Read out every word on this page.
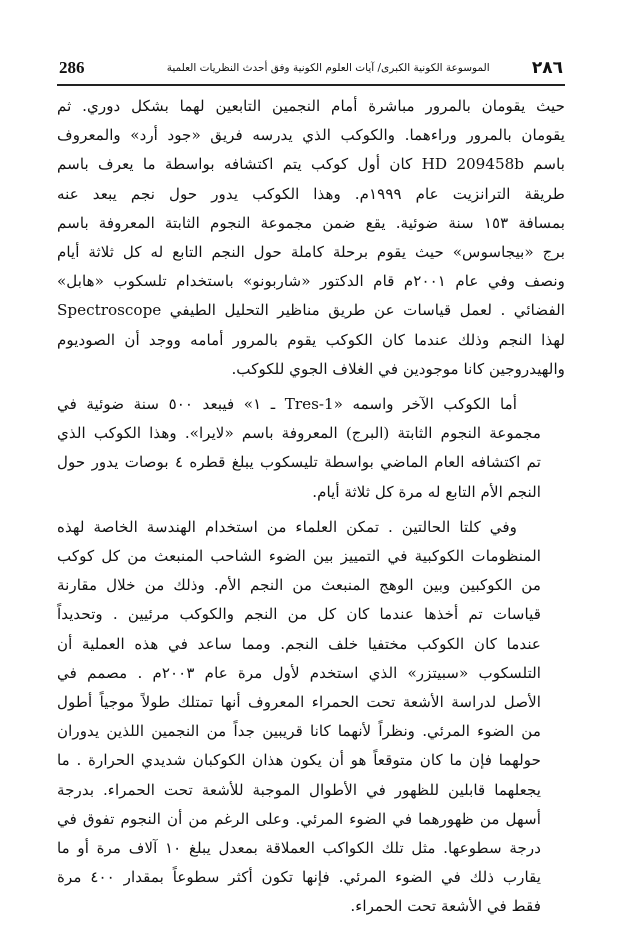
286	الموسوعة الكونية الكبرى/ آيات العلوم الكونية وفق أحدث النظريات العلمية	٢٨٦

حيث يقومان بالمرور مباشرة أمام النجمين التابعين لهما بشكل دوري. ثم
يقومان بالمرور وراءهما. والكوكب الذي يدرسه فريق «جود أرد» والمعروف
باسم HD 209458b كان أول كوكب يتم اكتشافه بواسطة ما يعرف باسم
طريقة الترانزيت عام ١٩٩٩م. وهذا الكوكب يدور حول نجم يبعد عنه
بمسافة ١٥٣ سنة ضوئية. يقع ضمن مجموعة النجوم الثابتة المعروفة باسم
برج «بيجاسوس» حيث يقوم برحلة كاملة حول النجم التابع له كل ثلاثة أيام
ونصف وفي عام ٢٠٠١م قام الدكتور «شاربونو» باستخدام تلسكوب «هابل»
الفضائي . لعمل قياسات عن طريق مناظير التحليل الطيفي Spectroscope
لهذا النجم وذلك عندما كان الكوكب يقوم بالمرور أمامه ووجد أن الصوديوم
والهيدروجين كانا موجودين في الغلاف الجوي للكوكب.

أما الكوكب الآخر واسمه «Tres-1 ـ ١» فيبعد ٥٠٠ سنة ضوئية في
مجموعة النجوم الثابتة (البرج) المعروفة باسم «لايرا». وهذا الكوكب الذي
تم اكتشافه العام الماضي بواسطة تليسكوب يبلغ قطره ٤ بوصات يدور حول
النجم الأم التابع له مرة كل ثلاثة أيام.

وفي كلتا الحالتين . تمكن العلماء من استخدام الهندسة الخاصة لهذه
المنظومات الكوكبية في التمييز بين الضوء الشاحب المنبعث من كل كوكب
من الكوكبين وبين الوهج المنبعث من النجم الأم. وذلك من خلال مقارنة
قياسات تم أخذها عندما كان كل من النجم والكوكب مرئيين . وتحديداً
عندما كان الكوكب مختفيا خلف النجم. ومما ساعد في هذه العملية أن
التلسكوب «سبيتزر» الذي استخدم لأول مرة عام ٢٠٠٣م . مصمم في
الأصل لدراسة الأشعة تحت الحمراء المعروف أنها تمتلك طولاً موجياً أطول
من الضوء المرئي. ونظراً لأنهما كانا قريبين جداً من النجمين اللذين يدوران
حولهما فإن ما كان متوقعاً هو أن يكون هذان الكوكبان شديدي الحرارة . ما
يجعلهما قابلين للظهور في الأطوال الموجبة للأشعة تحت الحمراء. بدرجة
أسهل من ظهورهما في الضوء المرئي. وعلى الرغم من أن النجوم تفوق في
درجة سطوعها. مثل تلك الكواكب العملاقة بمعدل يبلغ ١٠ آلاف مرة أو ما
يقارب ذلك في الضوء المرئي. فإنها تكون أكثر سطوعاً بمقدار ٤٠٠ مرة
فقط في الأشعة تحت الحمراء.
